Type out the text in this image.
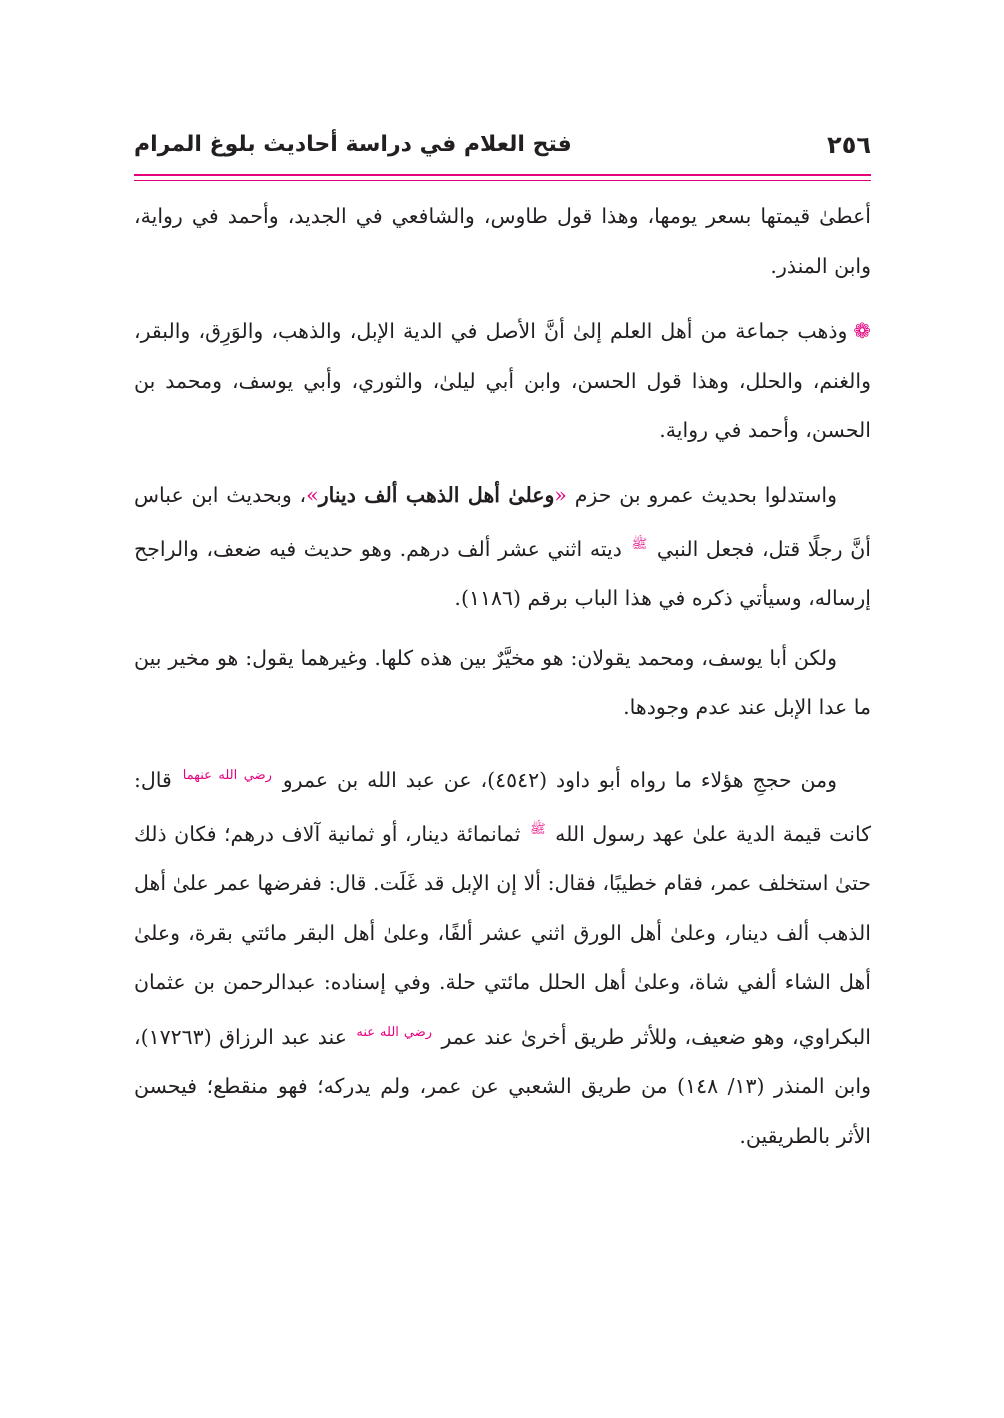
٢٥٦
فتح العلام في دراسة أحاديث بلوغ المرام

أعطىٰ قيمتها بسعر يومها، وهذا قول طاوس، والشافعي في الجديد، وأحمد في رواية، وابن المنذر.

❁وذهب جماعة من أهل العلم إلىٰ أنَّ الأصل في الدية الإبل، والذهب، والوَرِق، والبقر، والغنم، والحلل، وهذا قول الحسن، وابن أبي ليلىٰ، والثوري، وأبي يوسف، ومحمد بن الحسن، وأحمد في رواية.

واستدلوا بحديث عمرو بن حزم «وعلىٰ أهل الذهب ألف دينار»، وبحديث ابن عباس أنَّ رجلًا قتل، فجعل النبي $^ﷺ$ ديته اثني عشر ألف درهم. وهو حديث فيه ضعف، والراجح إرساله، وسيأتي ذكره في هذا الباب برقم (١١٨٦).

ولكن أبا يوسف، ومحمد يقولان: هو مخيَّرٌ بين هذه كلها. وغيرهما يقول: هو مخير بين ما عدا الإبل عند عدم وجودها.

ومن حججِ هؤلاء ما رواه أبو داود (٤٥٤٢)، عن عبد الله بن عمرو $^{رضي الله عنهما}$ قال: كانت قيمة الدية علىٰ عهد رسول الله $^ﷺ$ ثمانمائة دينار، أو ثمانية آلاف درهم؛ فكان ذلك حتىٰ استخلف عمر، فقام خطيبًا، فقال: ألا إن الإبل قد غَلَت. قال: ففرضها عمر علىٰ أهل الذهب ألف دينار، وعلىٰ أهل الورق اثني عشر ألفًا، وعلىٰ أهل البقر مائتي بقرة، وعلىٰ أهل الشاء ألفي شاة، وعلىٰ أهل الحلل مائتي حلة. وفي إسناده: عبدالرحمن بن عثمان البكراوي، وهو ضعيف، وللأثر طريق أخرىٰ عند عمر $^{رضي الله عنه}$ عند عبد الرزاق (١٧٢٦٣)، وابن المنذر (١٣/ ١٤٨) من طريق الشعبي عن عمر، ولم يدركه؛ فهو منقطع؛ فيحسن الأثر بالطريقين.
